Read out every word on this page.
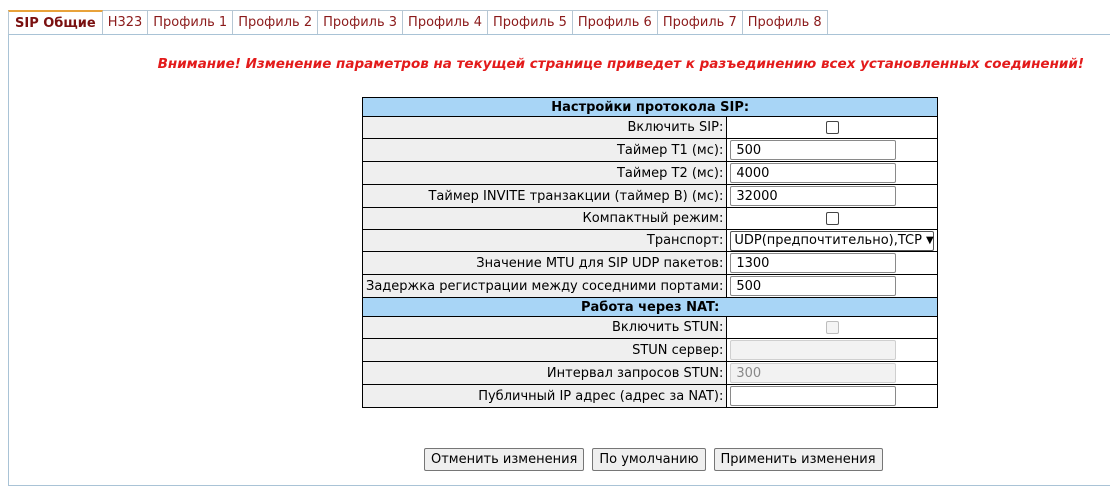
SIP Общие H323 Профиль 1 Профиль 2 Профиль 3 Профиль 4 Профиль 5 Профиль 6 Профиль 7 Профиль 8
Внимание! Изменение параметров на текущей странице приведет к разъединению всех установленных соединений!
Настройки протокола SIP:	
Включить SIP:	
Таймер T1 (мс):	500
Таймер T2 (мс):	4000
Таймер INVITE транзакции (таймер B) (мс):	32000
Компактный режим:	
Транспорт:	UDP(предпочтительно),TCP ▼

Значение MTU для SIP UDP пакетов:	1300
Задержка регистрации между соседними портами:	500
Работа через NAT:	
Включить STUN:	
STUN сервер:	
Интервал запросов STUN:	300
Публичный IP адрес (адрес за NAT):	
Отменить изменения	По умолчанию	Применить изменения
